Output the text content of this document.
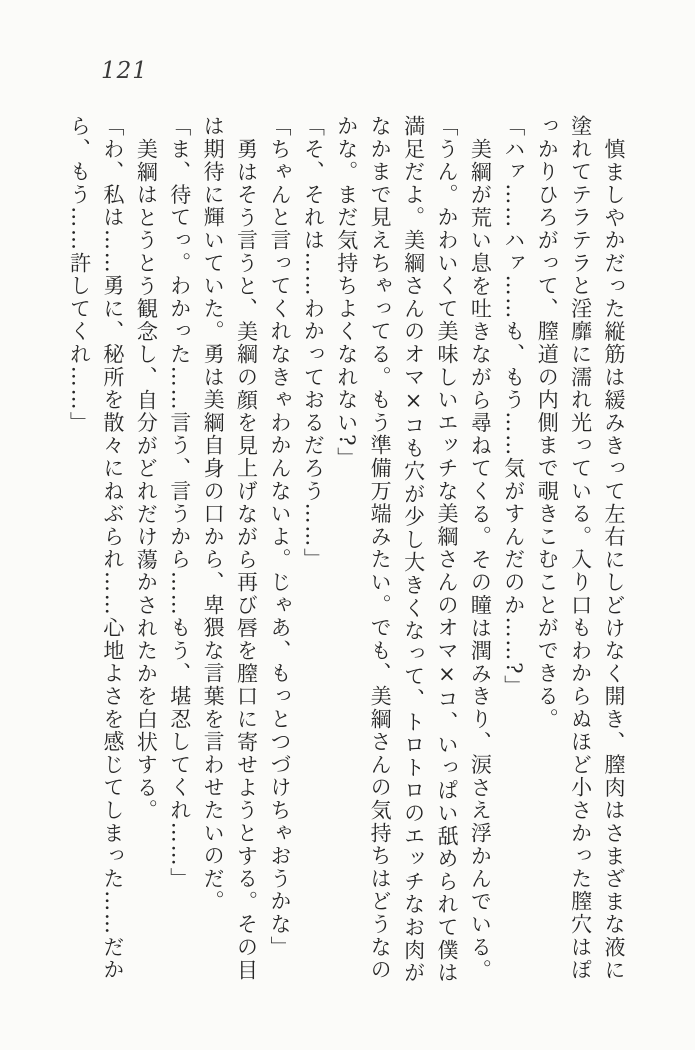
121

慎ましやかだった縦筋は緩みきって左右にしどけなく開き、膣肉はさまざまな液に塗れてテラテラと淫靡に濡れ光っている。入り口もわからぬほど小さかった膣穴はぽっかりひろがって、膣道の内側まで覗きこむことができる。

「ハァ……ハァ……も、もう……気がすんだのか……?」

美綱が荒い息を吐きながら尋ねてくる。その瞳は潤みきり、涙さえ浮かんでいる。

「うん。かわいくて美味しいエッチな美綱さんのオマ×コ、いっぱい舐められて僕は満足だよ。美綱さんのオマ×コも穴が少し大きくなって、トロトロのエッチなお肉がなかまで見えちゃってる。もう準備万端みたい。でも、美綱さんの気持ちはどうなのかな。まだ気持ちよくなれない?」

「そ、それは……わかっておるだろう……」

「ちゃんと言ってくれなきゃわかんないよ。じゃあ、もっとつづけちゃおうかな」

勇はそう言うと、美綱の顔を見上げながら再び唇を膣口に寄せようとする。その目は期待に輝いていた。勇は美綱自身の口から、卑猥な言葉を言わせたいのだ。

「ま、待てっ。わかった……言う、言うから……もう、堪忍してくれ……」

美綱はとうとう観念し、自分がどれだけ蕩かされたかを白状する。

「わ、私は……勇に、秘所を散々にねぶられ……心地よさを感じてしまった……だから、もう……許してくれ……」
